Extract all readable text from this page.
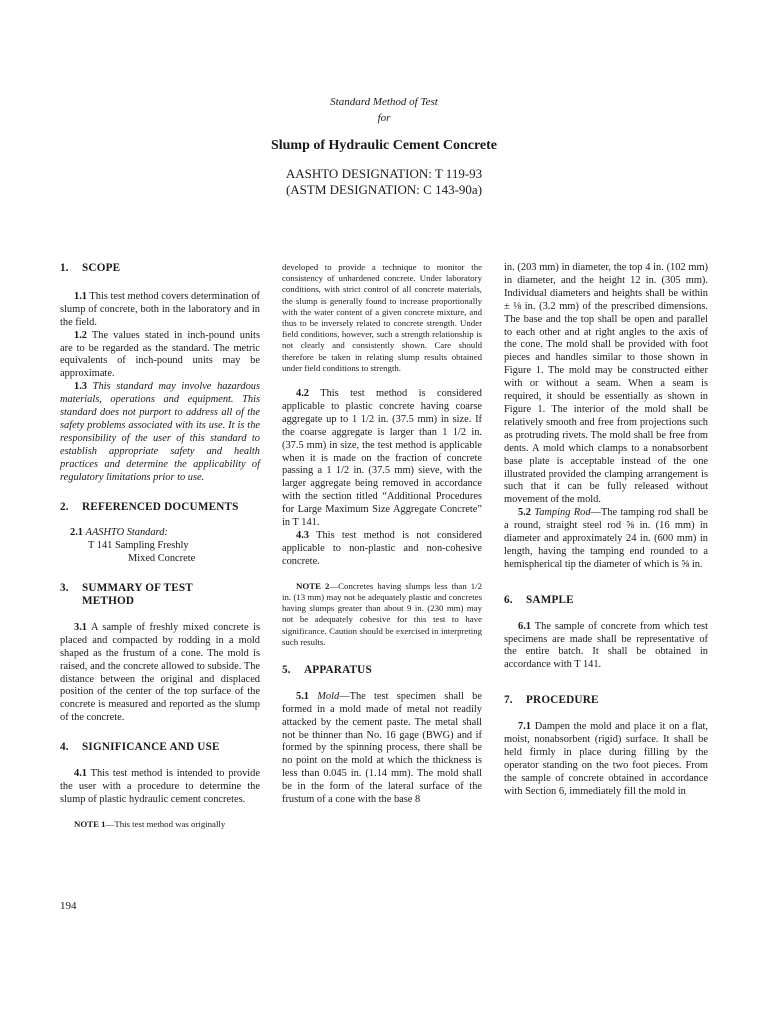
Standard Method of Test
for
Slump of Hydraulic Cement Concrete
AASHTO DESIGNATION: T 119-93
(ASTM DESIGNATION: C 143-90a)
1. SCOPE

1.1 This test method covers determination of slump of concrete, both in the laboratory and in the field.

1.2 The values stated in inch-pound units are to be regarded as the standard. The metric equivalents of inch-pound units may be approximate.

1.3 This standard may involve hazardous materials, operations and equipment. This standard does not purport to address all of the safety problems associated with its use. It is the responsibility of the user of this standard to establish appropriate safety and health practices and determine the applicability of regulatory limitations prior to use.

2. REFERENCED DOCUMENTS
2.1 AASHTO Standard:
T 141 Sampling Freshly
Mixed Concrete
3. SUMMARY OF TEST
METHOD

3.1 A sample of freshly mixed concrete is placed and compacted by rodding in a mold shaped as the frustum of a cone. The mold is raised, and the concrete allowed to subside. The distance between the original and displaced position of the center of the top surface of the concrete is measured and reported as the slump of the concrete.

4. SIGNIFICANCE AND USE

4.1 This test method is intended to provide the user with a procedure to determine the slump of plastic hydraulic cement concretes.

NOTE 1—This test method was originally

developed to provide a technique to monitor the consistency of unhardened concrete. Under laboratory conditions, with strict control of all concrete materials, the slump is generally found to increase proportionally with the water content of a given concrete mixture, and thus to be inversely related to concrete strength. Under field conditions, however, such a strength relationship is not clearly and consistently shown. Care should therefore be taken in relating slump results obtained under field conditions to strength.

4.2 This test method is considered applicable to plastic concrete having coarse aggregate up to 1 1/2 in. (37.5 mm) in size. If the coarse aggregate is larger than 1 1/2 in. (37.5 mm) in size, the test method is applicable when it is made on the fraction of concrete passing a 1 1/2 in. (37.5 mm) sieve, with the larger aggregate being removed in accordance with the section titled “Additional Procedures for Large Maximum Size Aggregate Concrete” in T 141.

4.3 This test method is not considered applicable to non-plastic and non-cohesive concrete.

NOTE 2—Concretes having slumps less than 1/2 in. (13 mm) may not be adequately plastic and concretes having slumps greater than about 9 in. (230 mm) may not be adequately cohesive for this test to have significance. Caution should be exercised in interpreting such results.

5. APPARATUS

5.1 Mold—The test specimen shall be formed in a mold made of metal not readily attacked by the cement paste. The metal shall not be thinner than No. 16 gage (BWG) and if formed by the spinning process, there shall be no point on the mold at which the thickness is less than 0.045 in. (1.14 mm). The mold shall be in the form of the lateral surface of the frustum of a cone with the base 8

in. (203 mm) in diameter, the top 4 in. (102 mm) in diameter, and the height 12 in. (305 mm). Individual diameters and heights shall be within ± ⅛ in. (3.2 mm) of the prescribed dimensions. The base and the top shall be open and parallel to each other and at right angles to the axis of the cone. The mold shall be provided with foot pieces and handles similar to those shown in Figure 1. The mold may be constructed either with or without a seam. When a seam is required, it should be essentially as shown in Figure 1. The interior of the mold shall be relatively smooth and free from projections such as protruding rivets. The mold shall be free from dents. A mold which clamps to a nonabsorbent base plate is acceptable instead of the one illustrated provided the clamping arrangement is such that it can be fully released without movement of the mold.

5.2 Tamping Rod—The tamping rod shall be a round, straight steel rod ⅝ in. (16 mm) in diameter and approximately 24 in. (600 mm) in length, having the tamping end rounded to a hemispherical tip the diameter of which is ⅝ in.

6. SAMPLE

6.1 The sample of concrete from which test specimens are made shall be representative of the entire batch. It shall be obtained in accordance with T 141.

7. PROCEDURE

7.1 Dampen the mold and place it on a flat, moist, nonabsorbent (rigid) surface. It shall be held firmly in place during filling by the operator standing on the two foot pieces. From the sample of concrete obtained in accordance with Section 6, immediately fill the mold in

194
